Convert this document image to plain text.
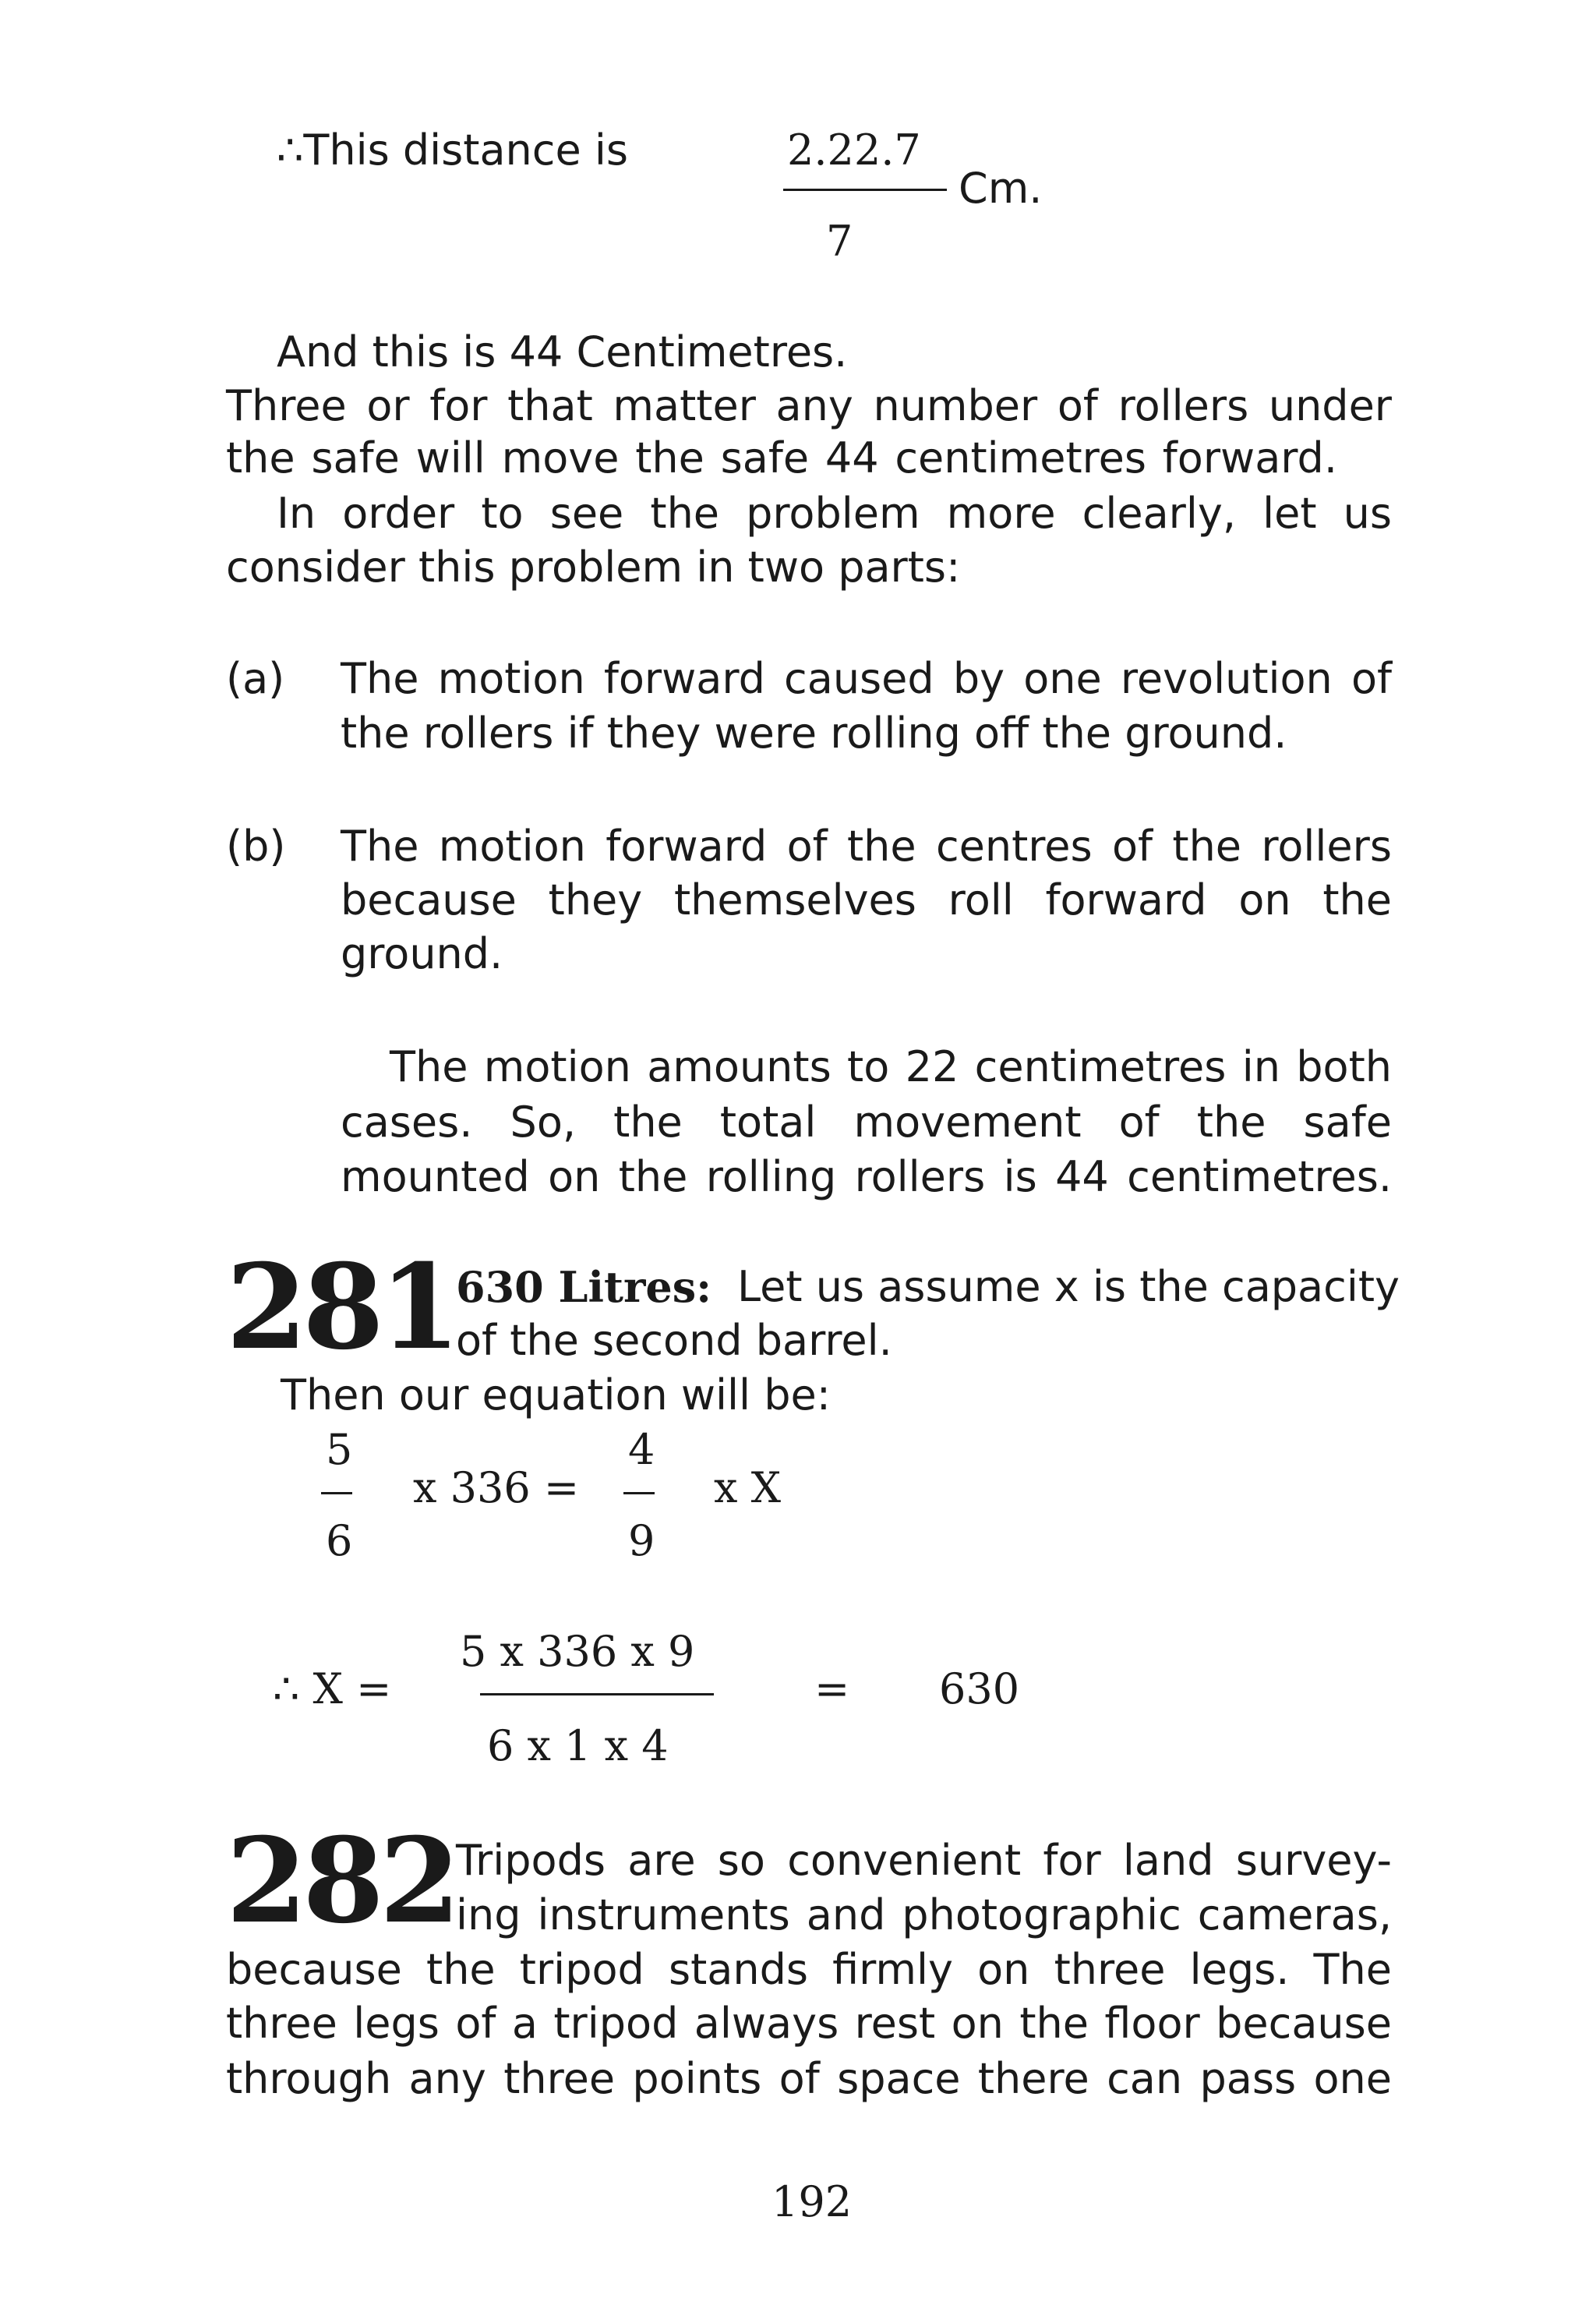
∴This distance is	2.22.7
Cm.
7
And this is 44 Centimetres.
Three or for that matter any number of rollers under
the safe will move the safe 44 centimetres forward.
In order to see the problem more clearly, let us
consider this problem in two parts:
(a) The motion forward caused by one revolution of
the rollers if they were rolling off the ground.
(b) The motion forward of the centres of the rollers
because they themselves roll forward on the
ground.
The motion amounts to 22 centimetres in both
cases. So, the total movement of the safe
mounted on the rolling rollers is 44 centimetres.
281 630 Litres: Let us assume x is the capacity
of the second barrel.
Then our equation will be:
5
6
x 336 =
4
9
x X
∴ X =
5 x 336 x 9
6 x 1 x 4
= 630
282 Tripods are so convenient for land survey-
ing instruments and photographic cameras,
because the tripod stands firmly on three legs. The
three legs of a tripod always rest on the floor because
through any three points of space there can pass one
192
